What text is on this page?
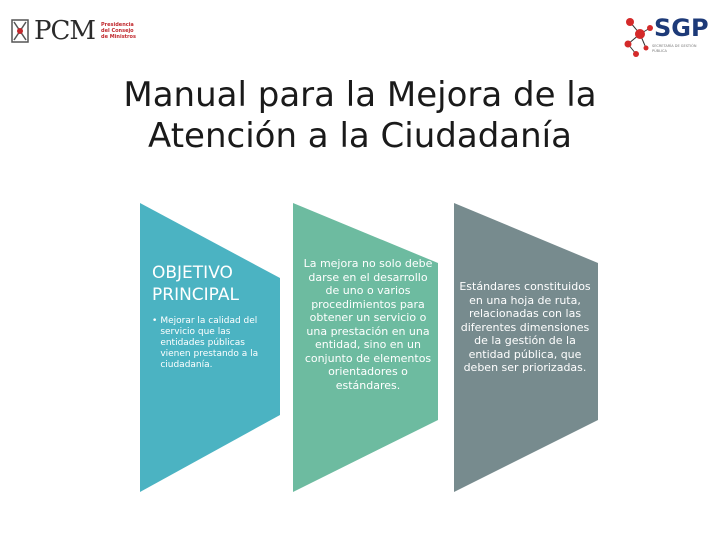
PCM Presidencia
del Consejo
de Ministros	SGP
SECRETARÍA DE GESTIÓN PÚBLICA
Manual para la Mejora de la
Atención a la Ciudadanía
OBJETIVO
PRINCIPAL
• Mejorar la calidad del servicio que las entidades públicas vienen prestando a la ciudadanía.
La mejora no solo debe darse en el desarrollo de uno o varios procedimientos para obtener un servicio o una prestación en una entidad, sino en un conjunto de elementos orientadores o estándares.
Estándares constituidos en una hoja de ruta, relacionadas con las diferentes dimensiones de la gestión de la entidad pública, que deben ser priorizadas.
